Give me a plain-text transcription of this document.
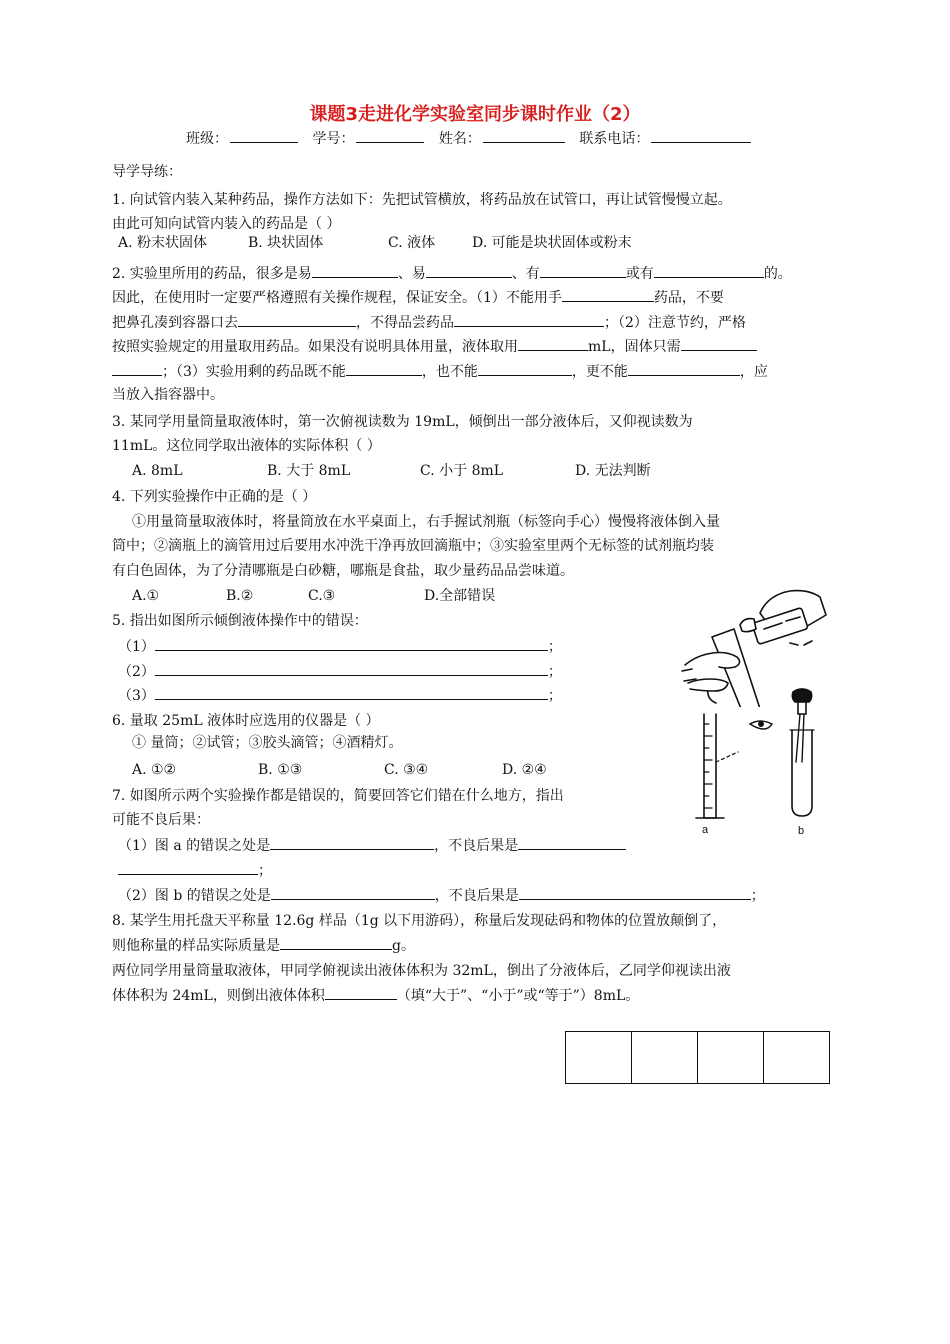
课题3走进化学实验室同步课时作业（2）
班级：	学号：	姓名：	联系电话：
导学导练：
1. 向试管内装入某种药品，操作方法如下：先把试管横放，将药品放在试管口，再让试管慢慢立起。
由此可知向试管内装入的药品是（ ）
A. 粉末状固体	B. 块状固体	C. 液体	D. 可能是块状固体或粉末
2. 实验里所用的药品，很多是易	、易	、有	或有	的。
因此，在使用时一定要严格遵照有关操作规程，保证安全。（1）不能用手	药品，不要
把鼻孔凑到容器口去	，不得品尝药品	；（2）注意节约，严格
按照实验规定的用量取用药品。如果没有说明具体用量，液体取用	mL，固体只需
；（3）实验用剩的药品既不能	，也不能	，更不能	，应
当放入指容器中。
3. 某同学用量筒量取液体时，第一次俯视读数为 19mL，倾倒出一部分液体后，又仰视读数为
11mL。这位同学取出液体的实际体积（ ）
A. 8mL	B. 大于 8mL	C. 小于 8mL	D. 无法判断
4. 下列实验操作中正确的是（ ）
①用量筒量取液体时，将量筒放在水平桌面上，右手握试剂瓶（标签向手心）慢慢将液体倒入量
筒中；②滴瓶上的滴管用过后要用水冲洗干净再放回滴瓶中；③实验室里两个无标签的试剂瓶均装
有白色固体，为了分清哪瓶是白砂糖，哪瓶是食盐，取少量药品品尝味道。
A.①	B.②	C.③	D.全部错误
5. 指出如图所示倾倒液体操作中的错误：
（1）	；
（2）	；
（3）	；
6. 量取 25mL 液体时应选用的仪器是（ ）
① 量筒；②试管；③胶头滴管；④酒精灯。
A. ①②	B. ①③	C. ③④	D. ②④
7. 如图所示两个实验操作都是错误的，简要回答它们错在什么地方，指出
可能不良后果：
（1）图 a 的错误之处是	，不良后果是
；
（2）图 b 的错误之处是	，不良后果是	；
8. 某学生用托盘天平称量 12.6g 样品（1g 以下用游码），称量后发现砝码和物体的位置放颠倒了，
则他称量的样品实际质量是	g。
两位同学用量筒量取液体，甲同学俯视读出液体体积为 32mL，倒出了分液体后，乙同学仰视读出液
体体积为 24mL，则倒出液体体积	（填“大于”、“小于”或“等于”）8mL。
a	b
